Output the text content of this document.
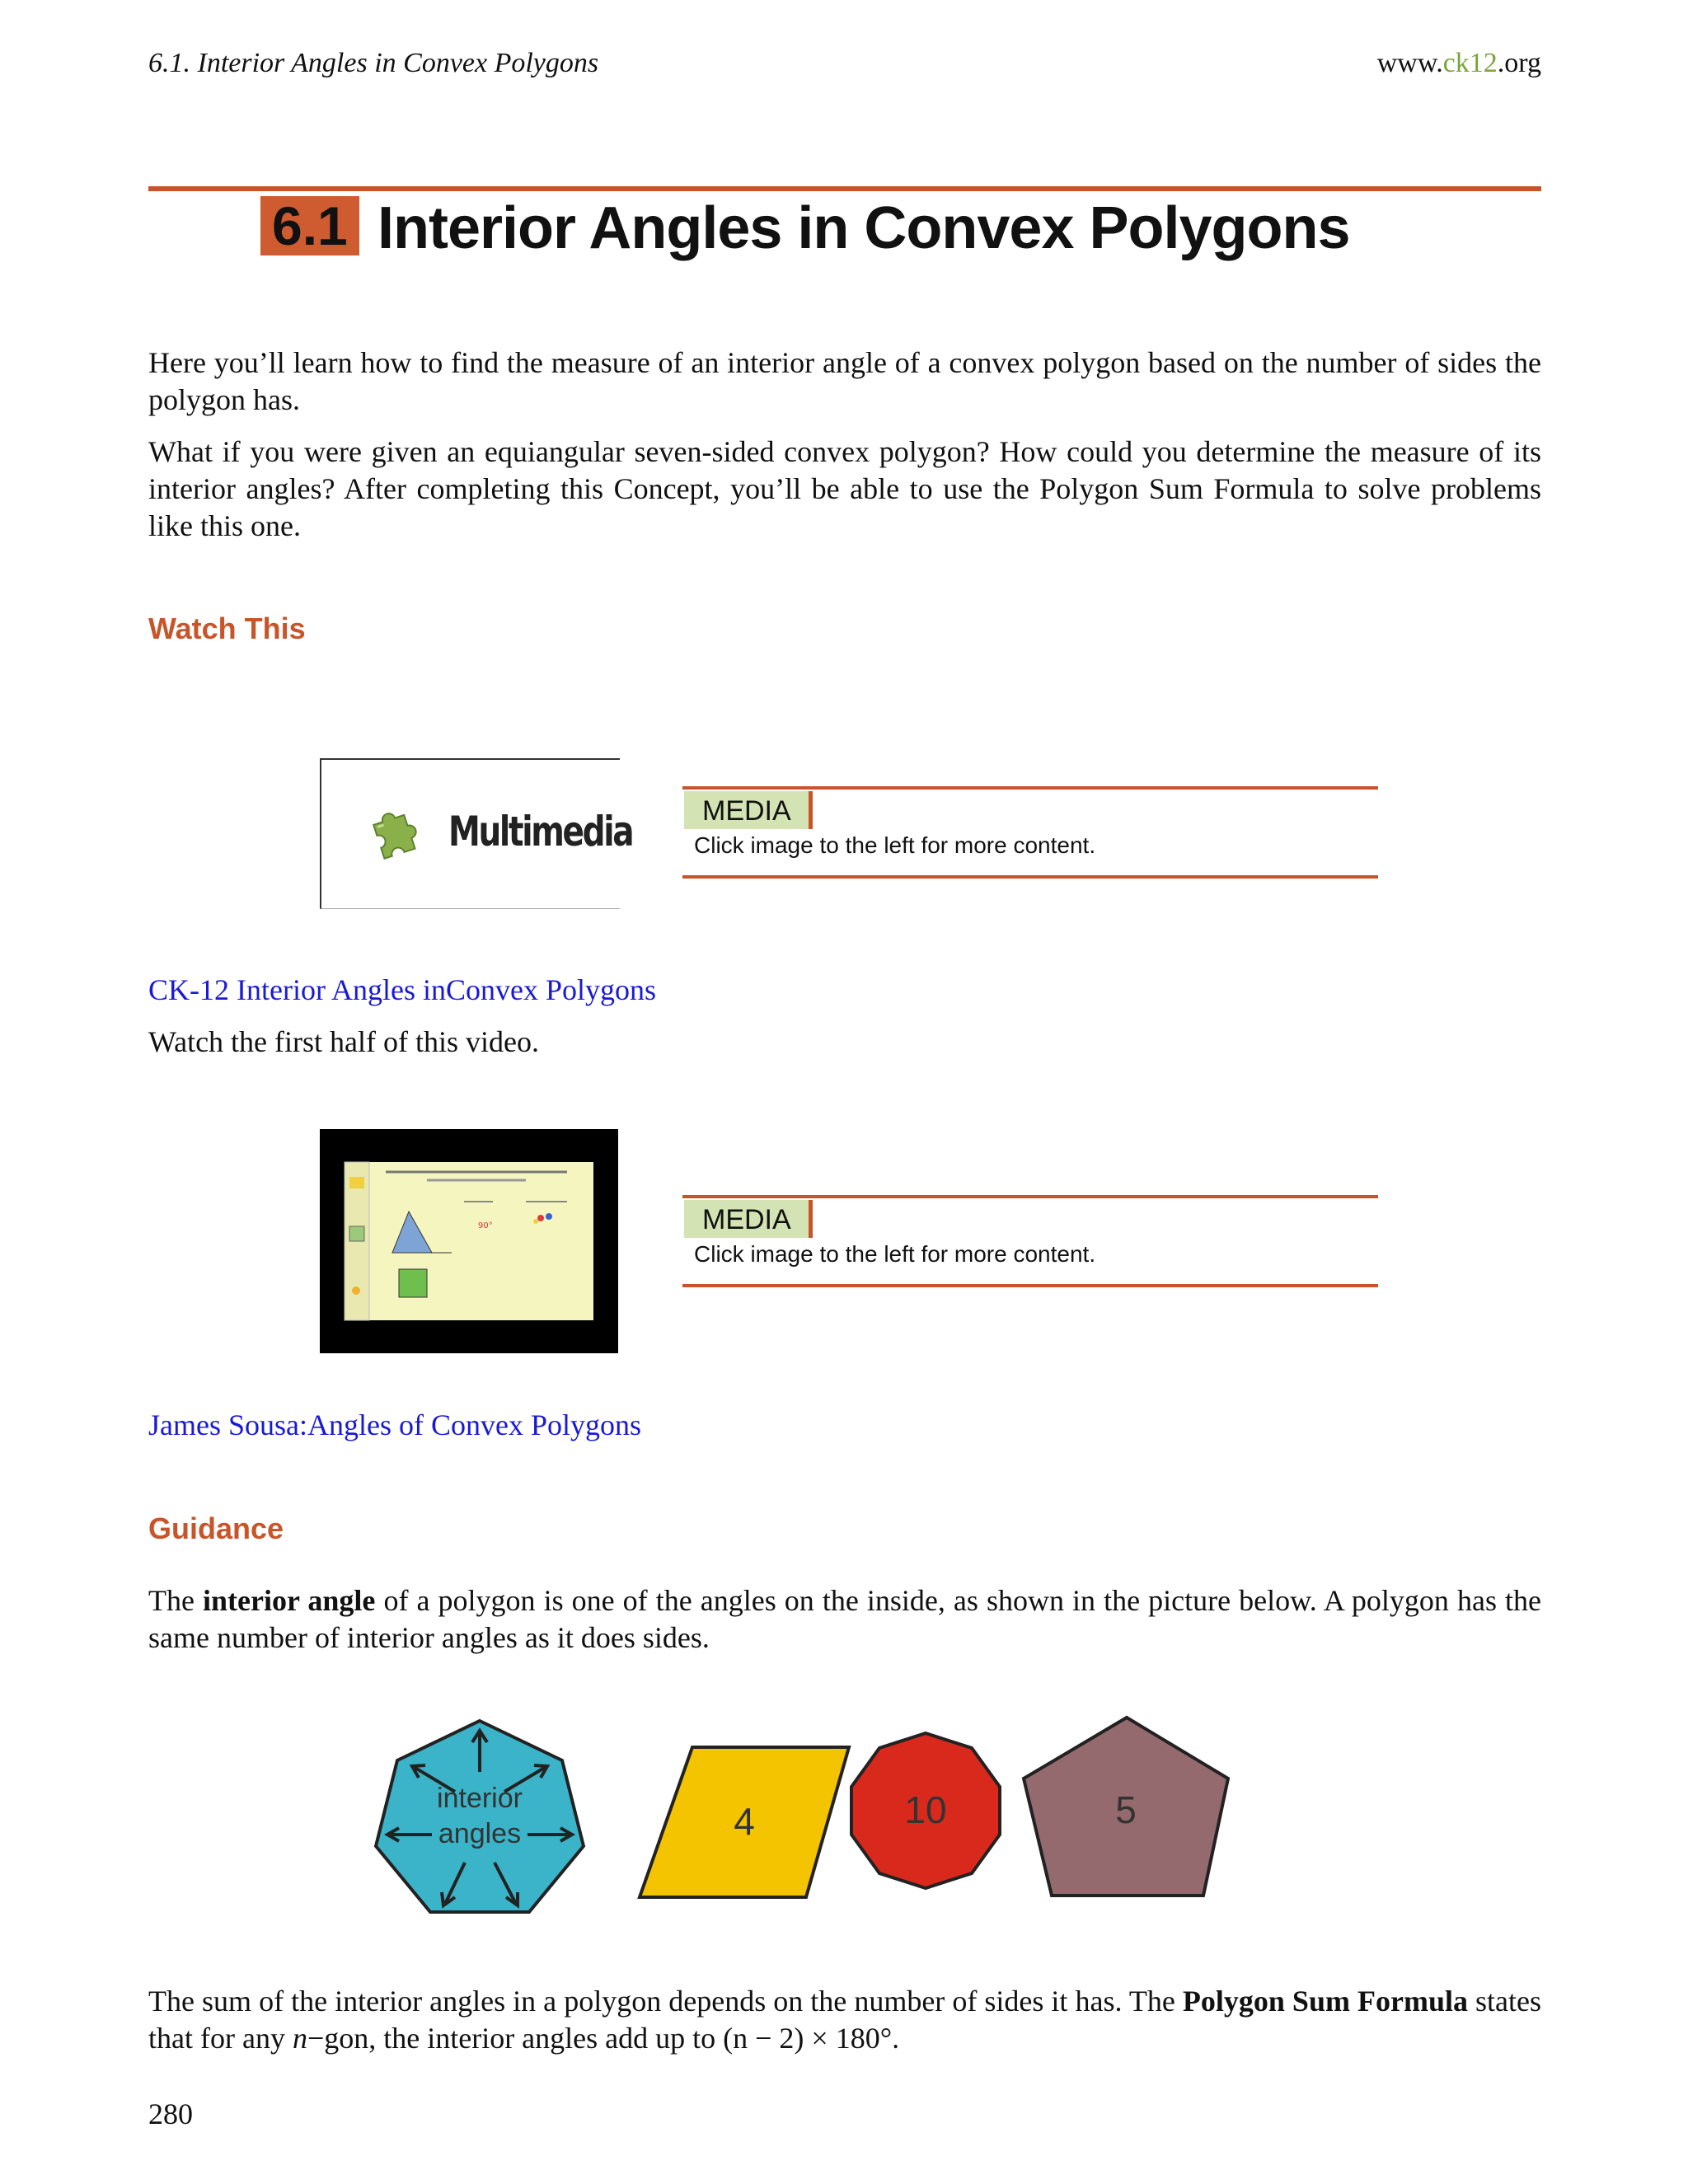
6.1. Interior Angles in Convex Polygons	www.ck12.org
6.1 Interior Angles in Convex Polygons

Here you’ll learn how to find the measure of an interior angle of a convex polygon based on the number of sides the polygon has.

What if you were given an equiangular seven-sided convex polygon? How could you determine the measure of its interior angles? After completing this Concept, you’ll be able to use the Polygon Sum Formula to solve problems like this one.

Watch This
Multimedia	MEDIA
Click image to the left for more content.
CK-12 Interior Angles inConvex Polygons

Watch the first half of this video.

90°	MEDIA
Click image to the left for more content.
James Sousa:Angles of Convex Polygons
Guidance

The interior angle of a polygon is one of the angles on the inside, as shown in the picture below. A polygon has the same number of interior angles as it does sides.

interior
angles	4	10	5

The sum of the interior angles in a polygon depends on the number of sides it has. The Polygon Sum Formula states that for any n−gon, the interior angles add up to (n − 2) × 180°.

280
